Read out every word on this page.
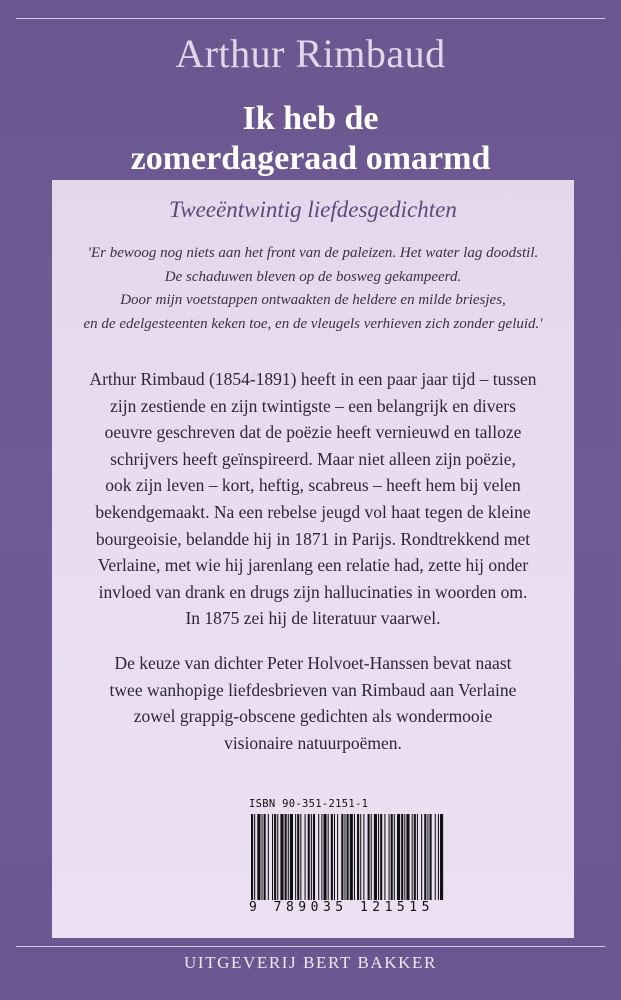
Arthur Rimbaud
Ik heb de
zomerdageraad omarmd
Tweeëntwintig liefdesgedichten
'Er bewoog nog niets aan het front van de paleizen. Het water lag doodstil.
De schaduwen bleven op de bosweg gekampeerd.
Door mijn voetstappen ontwaakten de heldere en milde briesjes,
en de edelgesteenten keken toe, en de vleugels verhieven zich zonder geluid.'
Arthur Rimbaud (1854-1891) heeft in een paar jaar tijd – tussen
zijn zestiende en zijn twintigste – een belangrijk en divers
oeuvre geschreven dat de poëzie heeft vernieuwd en talloze
schrijvers heeft geïnspireerd. Maar niet alleen zijn poëzie,
ook zijn leven – kort, heftig, scabreus – heeft hem bij velen
bekendgemaakt. Na een rebelse jeugd vol haat tegen de kleine
bourgeoisie, belandde hij in 1871 in Parijs. Rondtrekkend met
Verlaine, met wie hij jarenlang een relatie had, zette hij onder
invloed van drank en drugs zijn hallucinaties in woorden om.
In 1875 zei hij de literatuur vaarwel.
De keuze van dichter Peter Holvoet-Hanssen bevat naast
twee wanhopige liefdesbrieven van Rimbaud aan Verlaine
zowel grappig-obscene gedichten als wondermooie
visionaire natuurpoëmen.
ISBN 90-351-2151-1
9 789035 121515
UITGEVERIJ BERT BAKKER
